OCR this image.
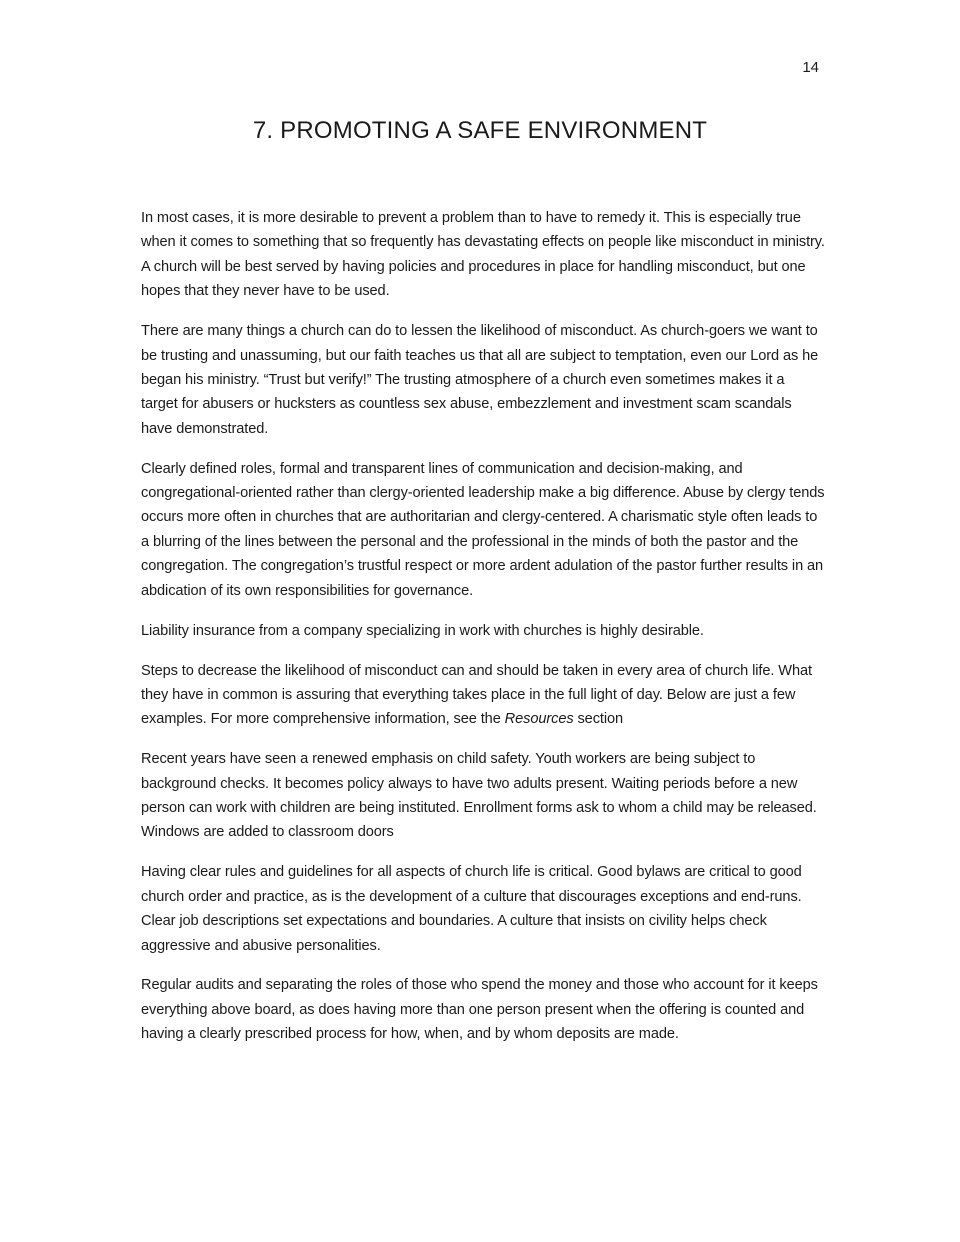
14
7. PROMOTING A SAFE ENVIRONMENT

In most cases, it is more desirable to prevent a problem than to have to remedy it. This is especially true when it comes to something that so frequently has devastating effects on people like misconduct in ministry. A church will be best served by having policies and procedures in place for handling misconduct, but one hopes that they never have to be used.

There are many things a church can do to lessen the likelihood of misconduct. As church-goers we want to be trusting and unassuming, but our faith teaches us that all are subject to temptation, even our Lord as he began his ministry. “Trust but verify!” The trusting atmosphere of a church even sometimes makes it a target for abusers or hucksters as countless sex abuse, embezzlement and investment scam scandals have demonstrated.

Clearly defined roles, formal and transparent lines of communication and decision-making, and congregational-oriented rather than clergy-oriented leadership make a big difference. Abuse by clergy tends occurs more often in churches that are authoritarian and clergy-centered. A charismatic style often leads to a blurring of the lines between the personal and the professional in the minds of both the pastor and the congregation. The congregation’s trustful respect or more ardent adulation of the pastor further results in an abdication of its own responsibilities for governance.

Liability insurance from a company specializing in work with churches is highly desirable.

Steps to decrease the likelihood of misconduct can and should be taken in every area of church life. What they have in common is assuring that everything takes place in the full light of day. Below are just a few examples. For more comprehensive information, see the Resources section

Recent years have seen a renewed emphasis on child safety. Youth workers are being subject to background checks. It becomes policy always to have two adults present. Waiting periods before a new person can work with children are being instituted. Enrollment forms ask to whom a child may be released. Windows are added to classroom doors

Having clear rules and guidelines for all aspects of church life is critical. Good bylaws are critical to good church order and practice, as is the development of a culture that discourages exceptions and end-runs. Clear job descriptions set expectations and boundaries. A culture that insists on civility helps check aggressive and abusive personalities.

Regular audits and separating the roles of those who spend the money and those who account for it keeps everything above board, as does having more than one person present when the offering is counted and having a clearly prescribed process for how, when, and by whom deposits are made.
